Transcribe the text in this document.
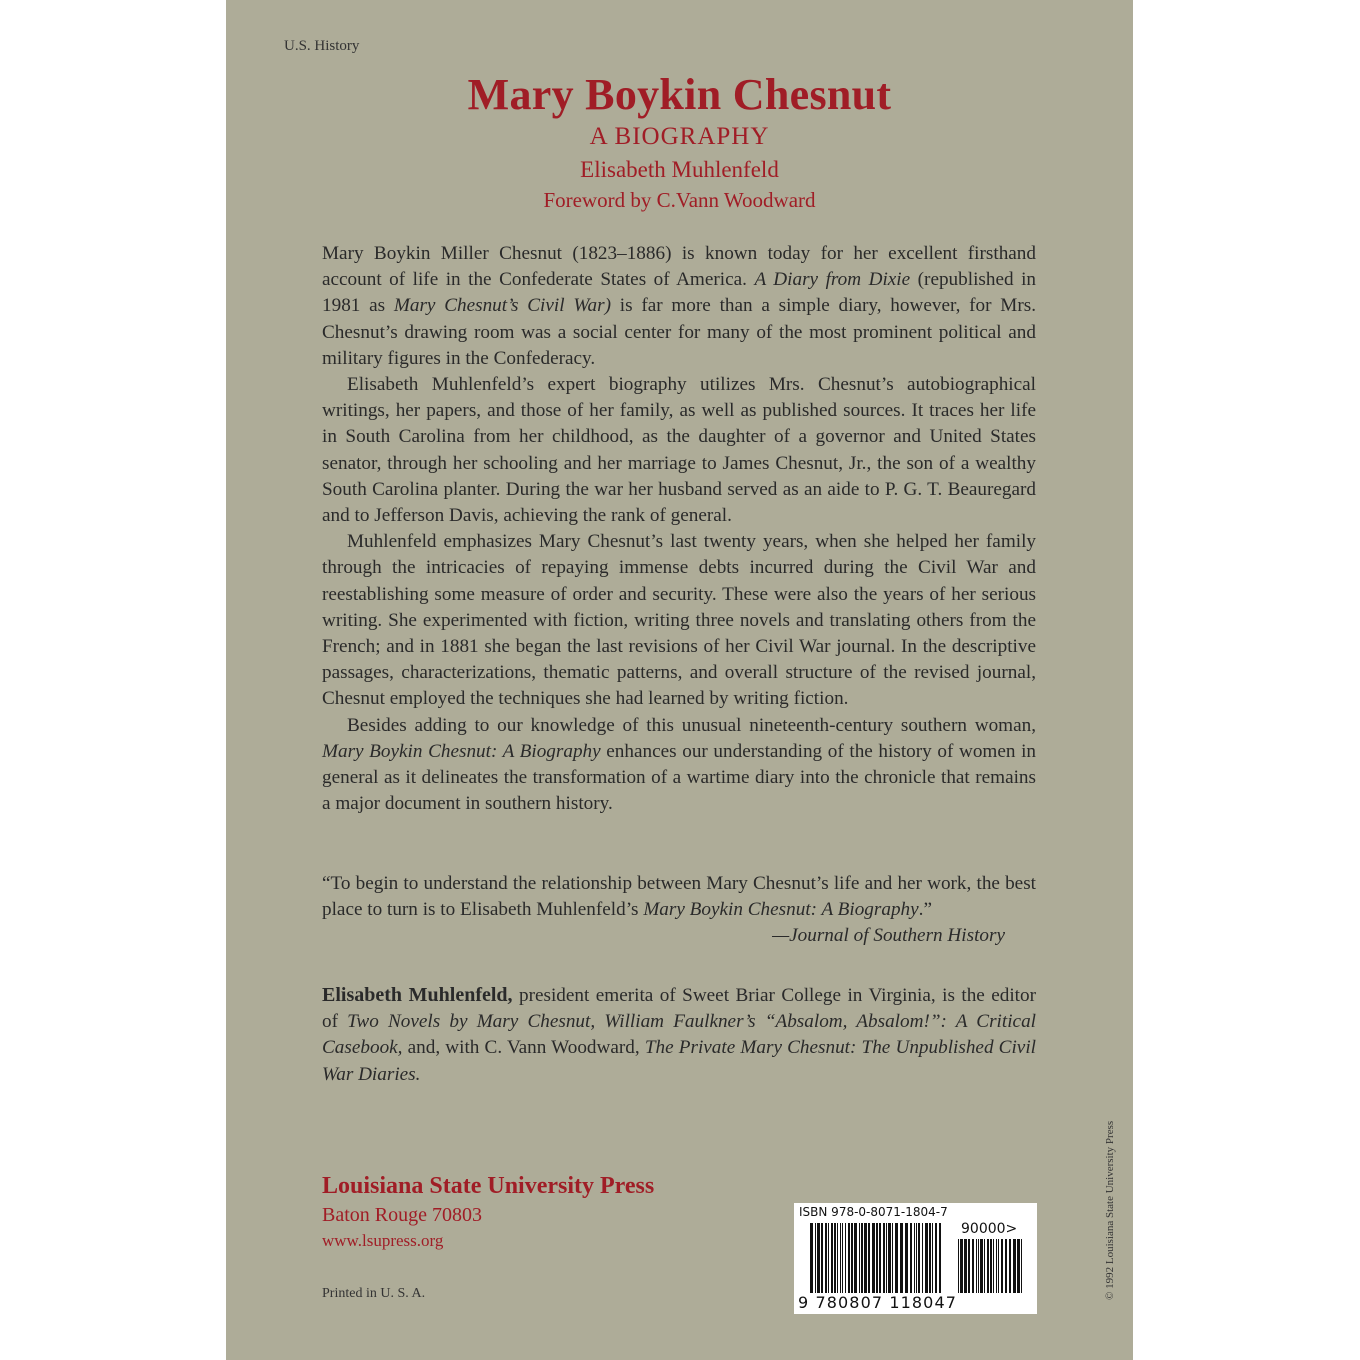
U.S. History
Mary Boykin Chesnut
A BIOGRAPHY
Elisabeth Muhlenfeld
Foreword by C.Vann Woodward

Mary Boykin Miller Chesnut (1823–1886) is known today for her excellent firsthand account of life in the Confederate States of America. A Diary from Dixie (republished in 1981 as Mary Chesnut’s Civil War) is far more than a simple diary, however, for Mrs. Chesnut’s drawing room was a social center for many of the most prominent political and military figures in the Confederacy.

Elisabeth Muhlenfeld’s expert biography utilizes Mrs. Chesnut’s autobiographical writings, her papers, and those of her family, as well as published sources. It traces her life in South Carolina from her childhood, as the daughter of a governor and United States senator, through her schooling and her marriage to James Chesnut, Jr., the son of a wealthy South Carolina planter. During the war her husband served as an aide to P. G. T. Beauregard and to Jefferson Davis, achieving the rank of general.

Muhlenfeld emphasizes Mary Chesnut’s last twenty years, when she helped her family through the intricacies of repaying immense debts incurred during the Civil War and reestablishing some measure of order and security. These were also the years of her serious writing. She experimented with fiction, writing three novels and translating others from the French; and in 1881 she began the last revisions of her Civil War journal. In the descriptive passages, characterizations, thematic patterns, and overall structure of the revised journal, Chesnut employed the techniques she had learned by writing fiction.

Besides adding to our knowledge of this unusual nineteenth-century southern woman, Mary Boykin Chesnut: A Biography enhances our understanding of the history of women in general as it delineates the transformation of a wartime diary into the chronicle that remains a major document in southern history.

“To begin to understand the relationship between Mary Chesnut’s life and her work, the best place to turn is to Elisabeth Muhlenfeld’s Mary Boykin Chesnut: A Biography.”
—Journal of Southern History
Elisabeth Muhlenfeld, president emerita of Sweet Briar College in Virginia, is the editor of Two Novels by Mary Chesnut, William Faulkner’s “Absalom, Absalom!”: A Critical Casebook, and, with C. Vann Woodward, The Private Mary Chesnut: The Unpublished Civil War Diaries.
Louisiana State University Press
Baton Rouge 70803
www.lsupress.org
Printed in U. S. A.	© 1992 Louisiana State University Press
ISBN 978-0-8071-1804-7
90000>
9 780807 118047
